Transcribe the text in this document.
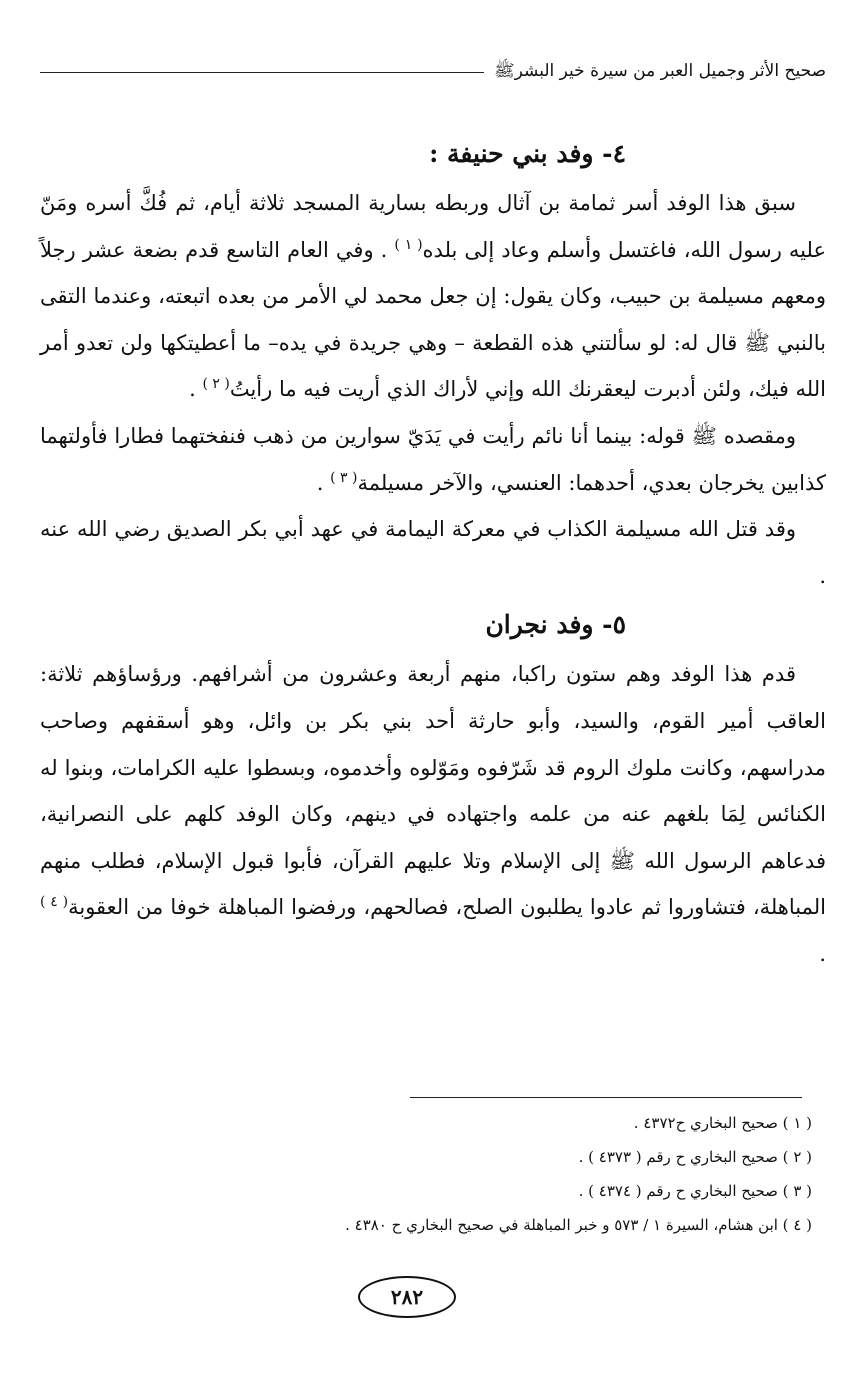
صحيح الأثر وجميل العبر من سيرة خير البشرﷺ
٤- وفد بني حنيفة :

سبق هذا الوفد أسر ثمامة بن آثال وربطه بسارية المسجد ثلاثة أيام، ثم فُكَّ أسره ومَنّ عليه رسول الله، فاغتسل وأسلم وعاد إلى بلده$^{( ١ )}$ . وفي العام التاسع قدم بضعة عشر رجلاً ومعهم مسيلمة بن حبيب، وكان يقول: إن جعل محمد لي الأمر من بعده اتبعته، وعندما التقى بالنبي ﷺ قال له: لو سألتني هذه القطعة – وهي جريدة في يده– ما أعطيتكها ولن تعدو أمر الله فيك، ولئن أدبرت ليعقرنك الله وإني لأراك الذي أريت فيه ما رأيتُ$^{( ٢ )}$ .

ومقصده ﷺ قوله: بينما أنا نائم رأيت في يَدَيّ سوارين من ذهب فنفختهما فطارا فأولتهما كذابين يخرجان بعدي، أحدهما: العنسي، والآخر مسيلمة$^{( ٣ )}$ .

وقد قتل الله مسيلمة الكذاب في معركة اليمامة في عهد أبي بكر الصديق رضي الله عنه .

٥- وفد نجران

قدم هذا الوفد وهم ستون راكبا، منهم أربعة وعشرون من أشرافهم. ورؤساؤهم ثلاثة: العاقب أمير القوم، والسيد، وأبو حارثة أحد بني بكر بن وائل، وهو أسقفهم وصاحب مدراسهم، وكانت ملوك الروم قد شَرّفوه ومَوّلوه وأخدموه، وبسطوا عليه الكرامات، وبنوا له الكنائس لِمَا بلغهم عنه من علمه واجتهاده في دينهم، وكان الوفد كلهم على النصرانية، فدعاهم الرسول الله ﷺ إلى الإسلام وتلا عليهم القرآن، فأبوا قبول الإسلام، فطلب منهم المباهلة، فتشاوروا ثم عادوا يطلبون الصلح، فصالحهم، ورفضوا المباهلة خوفا من العقوبة$^{( ٤ )}$ .

( ١ ) صحيح البخاري ح٤٣٧٢ .

( ٢ ) صحيح البخاري ح رقم ( ٤٣٧٣ ) .

( ٣ ) صحيح البخاري ح رقم ( ٤٣٧٤ ) .

( ٤ ) ابن هشام، السيرة ١ / ٥٧٣ و خبر المباهلة في صحيح البخاري ح ٤٣٨٠ .

٢٨٢
